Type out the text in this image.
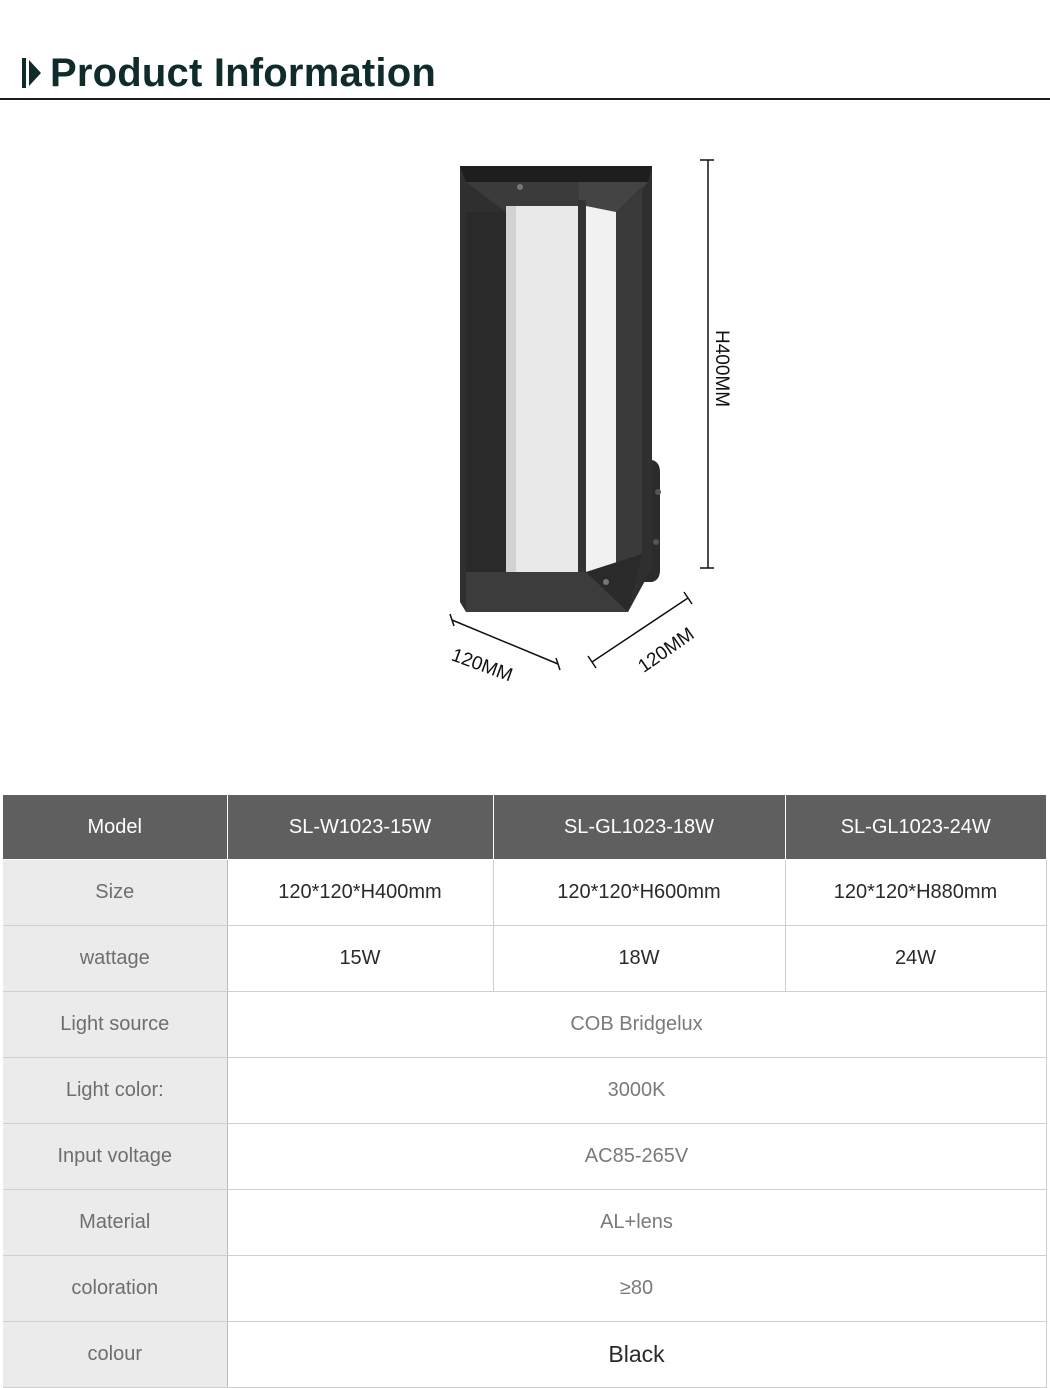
Product Information
H400MM
120MM	120MM
Model	SL-W1023-15W	SL-GL1023-18W	SL-GL1023-24W
Size	120*120*H400mm	120*120*H600mm	120*120*H880mm
wattage	15W	18W	24W
Light source	COB Bridgelux		
Light color:	3000K		
Input voltage	AC85-265V		
Material	AL+lens		
coloration	≥80		
colour	Black		
